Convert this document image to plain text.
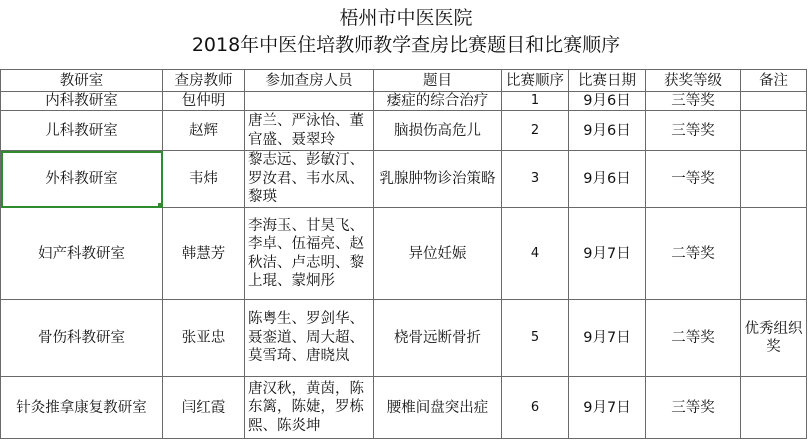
梧州市中医医院
2018年中医住培教师教学查房比赛题目和比赛顺序
教研室	查房教师	参加查房人员	题目	比赛顺序	比赛日期	获奖等级	备注
内科教研室	包仲明		痿症的综合治疗	1	9月6日	三等奖	
儿科教研室	赵辉	唐兰、严泳怡、董官盛、聂翠玲	脑损伤高危儿	2	9月6日	三等奖	
外科教研室	韦炜	黎志远、彭敏汀、罗汝君、韦水凤、黎瑛	乳腺肿物诊治策略	3	9月6日	一等奖	
妇产科教研室	韩慧芳	李海玉、甘昊飞、李卓、伍福亮、赵秋洁、卢志明、黎上琨、蒙炯彤	异位妊娠	4	9月7日	二等奖	
骨伤科教研室	张亚忠	陈粤生、罗剑华、聂銮道、周大超、莫雪琦、唐晓岚	桡骨远断骨折	5	9月7日	二等奖	优秀组织奖
针灸推拿康复教研室	闫红霞	唐汉秋，黄茵，陈东篱，陈婕，罗栋熙、陈炎坤	腰椎间盘突出症	6	9月7日	三等奖	
